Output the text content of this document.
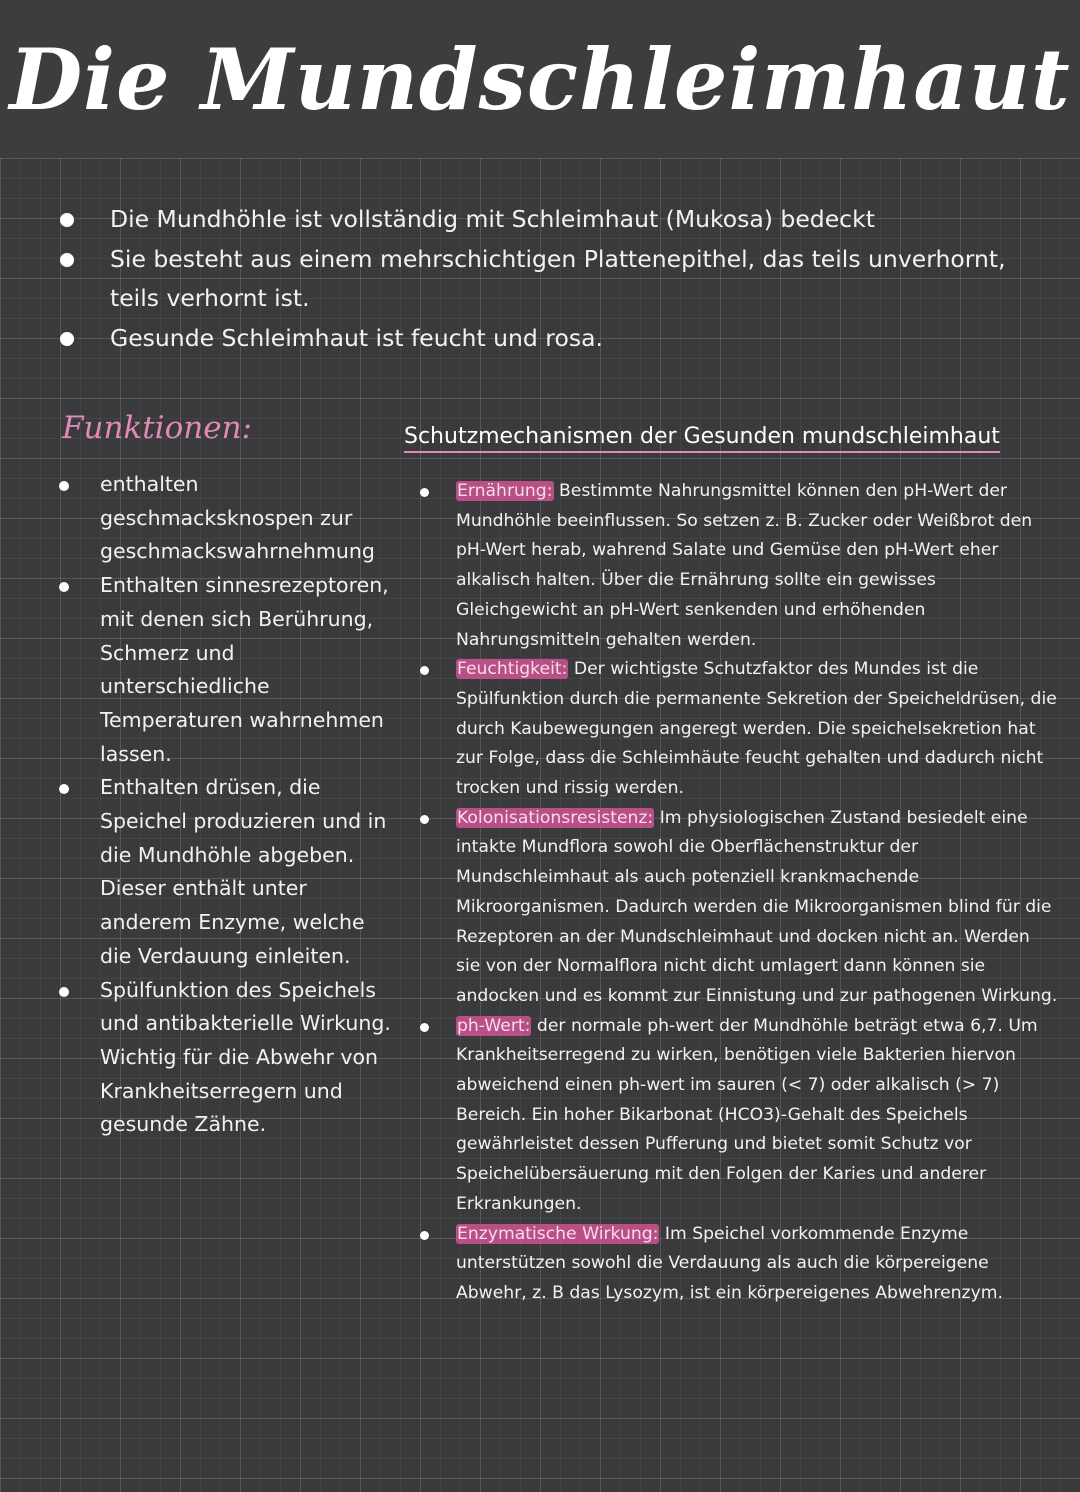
Die Mundschleimhaut
Die Mundhöhle ist vollständig mit Schleimhaut (Mukosa) bedeckt
Sie besteht aus einem mehrschichtigen Plattenepithel, das teils unverhornt, teils verhornt ist.
Gesunde Schleimhaut ist feucht und rosa.
Funktionen:
enthalten geschmacksknospen zur geschmackswahrnehmung
Enthalten sinnesrezeptoren, mit denen sich Berührung, Schmerz und unterschiedliche Temperaturen wahrnehmen lassen.
Enthalten drüsen, die Speichel produzieren und in die Mundhöhle abgeben. Dieser enthält unter anderem Enzyme, welche die Verdauung einleiten.
Spülfunktion des Speichels und antibakterielle Wirkung. Wichtig für die Abwehr von Krankheitserregern und gesunde Zähne.
Schutzmechanismen der Gesunden mundschleimhaut
Ernährung: Bestimmte Nahrungsmittel können den pH-Wert der Mundhöhle beeinflussen. So setzen z. B. Zucker oder Weißbrot den pH-Wert herab, wahrend Salate und Gemüse den pH-Wert eher alkalisch halten. Über die Ernährung sollte ein gewisses Gleichgewicht an pH-Wert senkenden und erhöhenden Nahrungsmitteln gehalten werden.
Feuchtigkeit: Der wichtigste Schutzfaktor des Mundes ist die Spülfunktion durch die permanente Sekretion der Speicheldrüsen, die durch Kaubewegungen angeregt werden. Die speichelsekretion hat zur Folge, dass die Schleimhäute feucht gehalten und dadurch nicht trocken und rissig werden.
Kolonisationsresistenz: Im physiologischen Zustand besiedelt eine intakte Mundflora sowohl die Oberflächenstruktur der Mundschleimhaut als auch potenziell krankmachende Mikroorganismen. Dadurch werden die Mikroorganismen blind für die Rezeptoren an der Mundschleimhaut und docken nicht an. Werden sie von der Normalflora nicht dicht umlagert dann können sie andocken und es kommt zur Einnistung und zur pathogenen Wirkung.
ph-Wert: der normale ph-wert der Mundhöhle beträgt etwa 6,7. Um Krankheitserregend zu wirken, benötigen viele Bakterien hiervon abweichend einen ph-wert im sauren (< 7) oder alkalisch (> 7) Bereich. Ein hoher Bikarbonat (HCO3)-Gehalt des Speichels gewährleistet dessen Pufferung und bietet somit Schutz vor Speichelübersäuerung mit den Folgen der Karies und anderer Erkrankungen.
Enzymatische Wirkung: Im Speichel vorkommende Enzyme unterstützen sowohl die Verdauung als auch die körpereigene Abwehr, z. B das Lysozym, ist ein körpereigenes Abwehrenzym.
